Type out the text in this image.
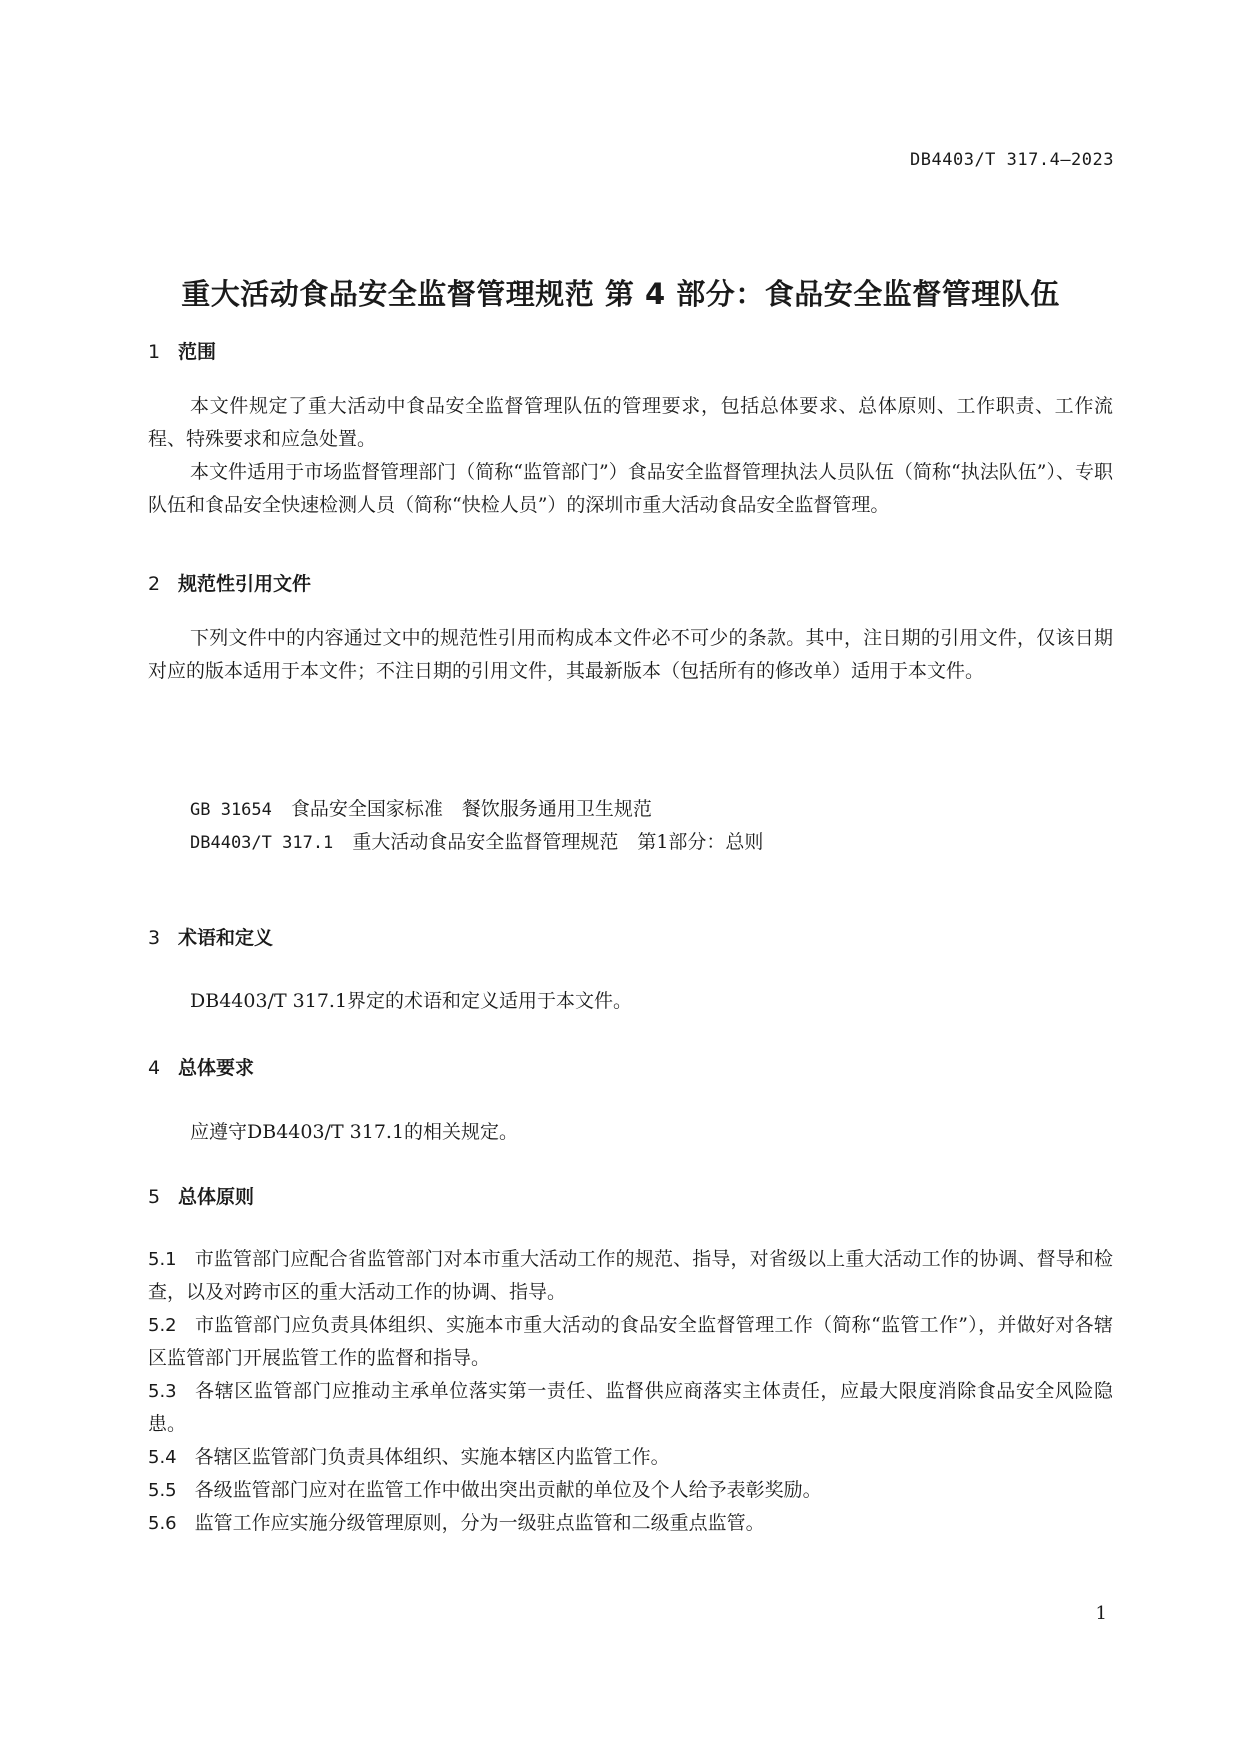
DB4403/T 317.4—2023
重大活动食品安全监督管理规范 第 4 部分：食品安全监督管理队伍
1 范围
本文件规定了重大活动中食品安全监督管理队伍的管理要求，包括总体要求、总体原则、工作职责、工作流程、特殊要求和应急处置。
本文件适用于市场监督管理部门（简称“监管部门”）食品安全监督管理执法人员队伍（简称“执法队伍”）、专职队伍和食品安全快速检测人员（简称“快检人员”）的深圳市重大活动食品安全监督管理。
2 规范性引用文件
下列文件中的内容通过文中的规范性引用而构成本文件必不可少的条款。其中，注日期的引用文件，仅该日期对应的版本适用于本文件；不注日期的引用文件，其最新版本（包括所有的修改单）适用于本文件。
GB 31654　 食品安全国家标准　餐饮服务通用卫生规范
DB4403/T 317.1　 重大活动食品安全监督管理规范　第1部分：总则
3 术语和定义
DB4403/T 317.1界定的术语和定义适用于本文件。
4 总体要求
应遵守DB4403/T 317.1的相关规定。
5 总体原则
5.1 市监管部门应配合省监管部门对本市重大活动工作的规范、指导，对省级以上重大活动工作的协调、督导和检查，以及对跨市区的重大活动工作的协调、指导。
5.2 市监管部门应负责具体组织、实施本市重大活动的食品安全监督管理工作（简称“监管工作”），并做好对各辖区监管部门开展监管工作的监督和指导。
5.3 各辖区监管部门应推动主承单位落实第一责任、监督供应商落实主体责任，应最大限度消除食品安全风险隐患。
5.4 各辖区监管部门负责具体组织、实施本辖区内监管工作。
5.5 各级监管部门应对在监管工作中做出突出贡献的单位及个人给予表彰奖励。
5.6 监管工作应实施分级管理原则，分为一级驻点监管和二级重点监管。
1
